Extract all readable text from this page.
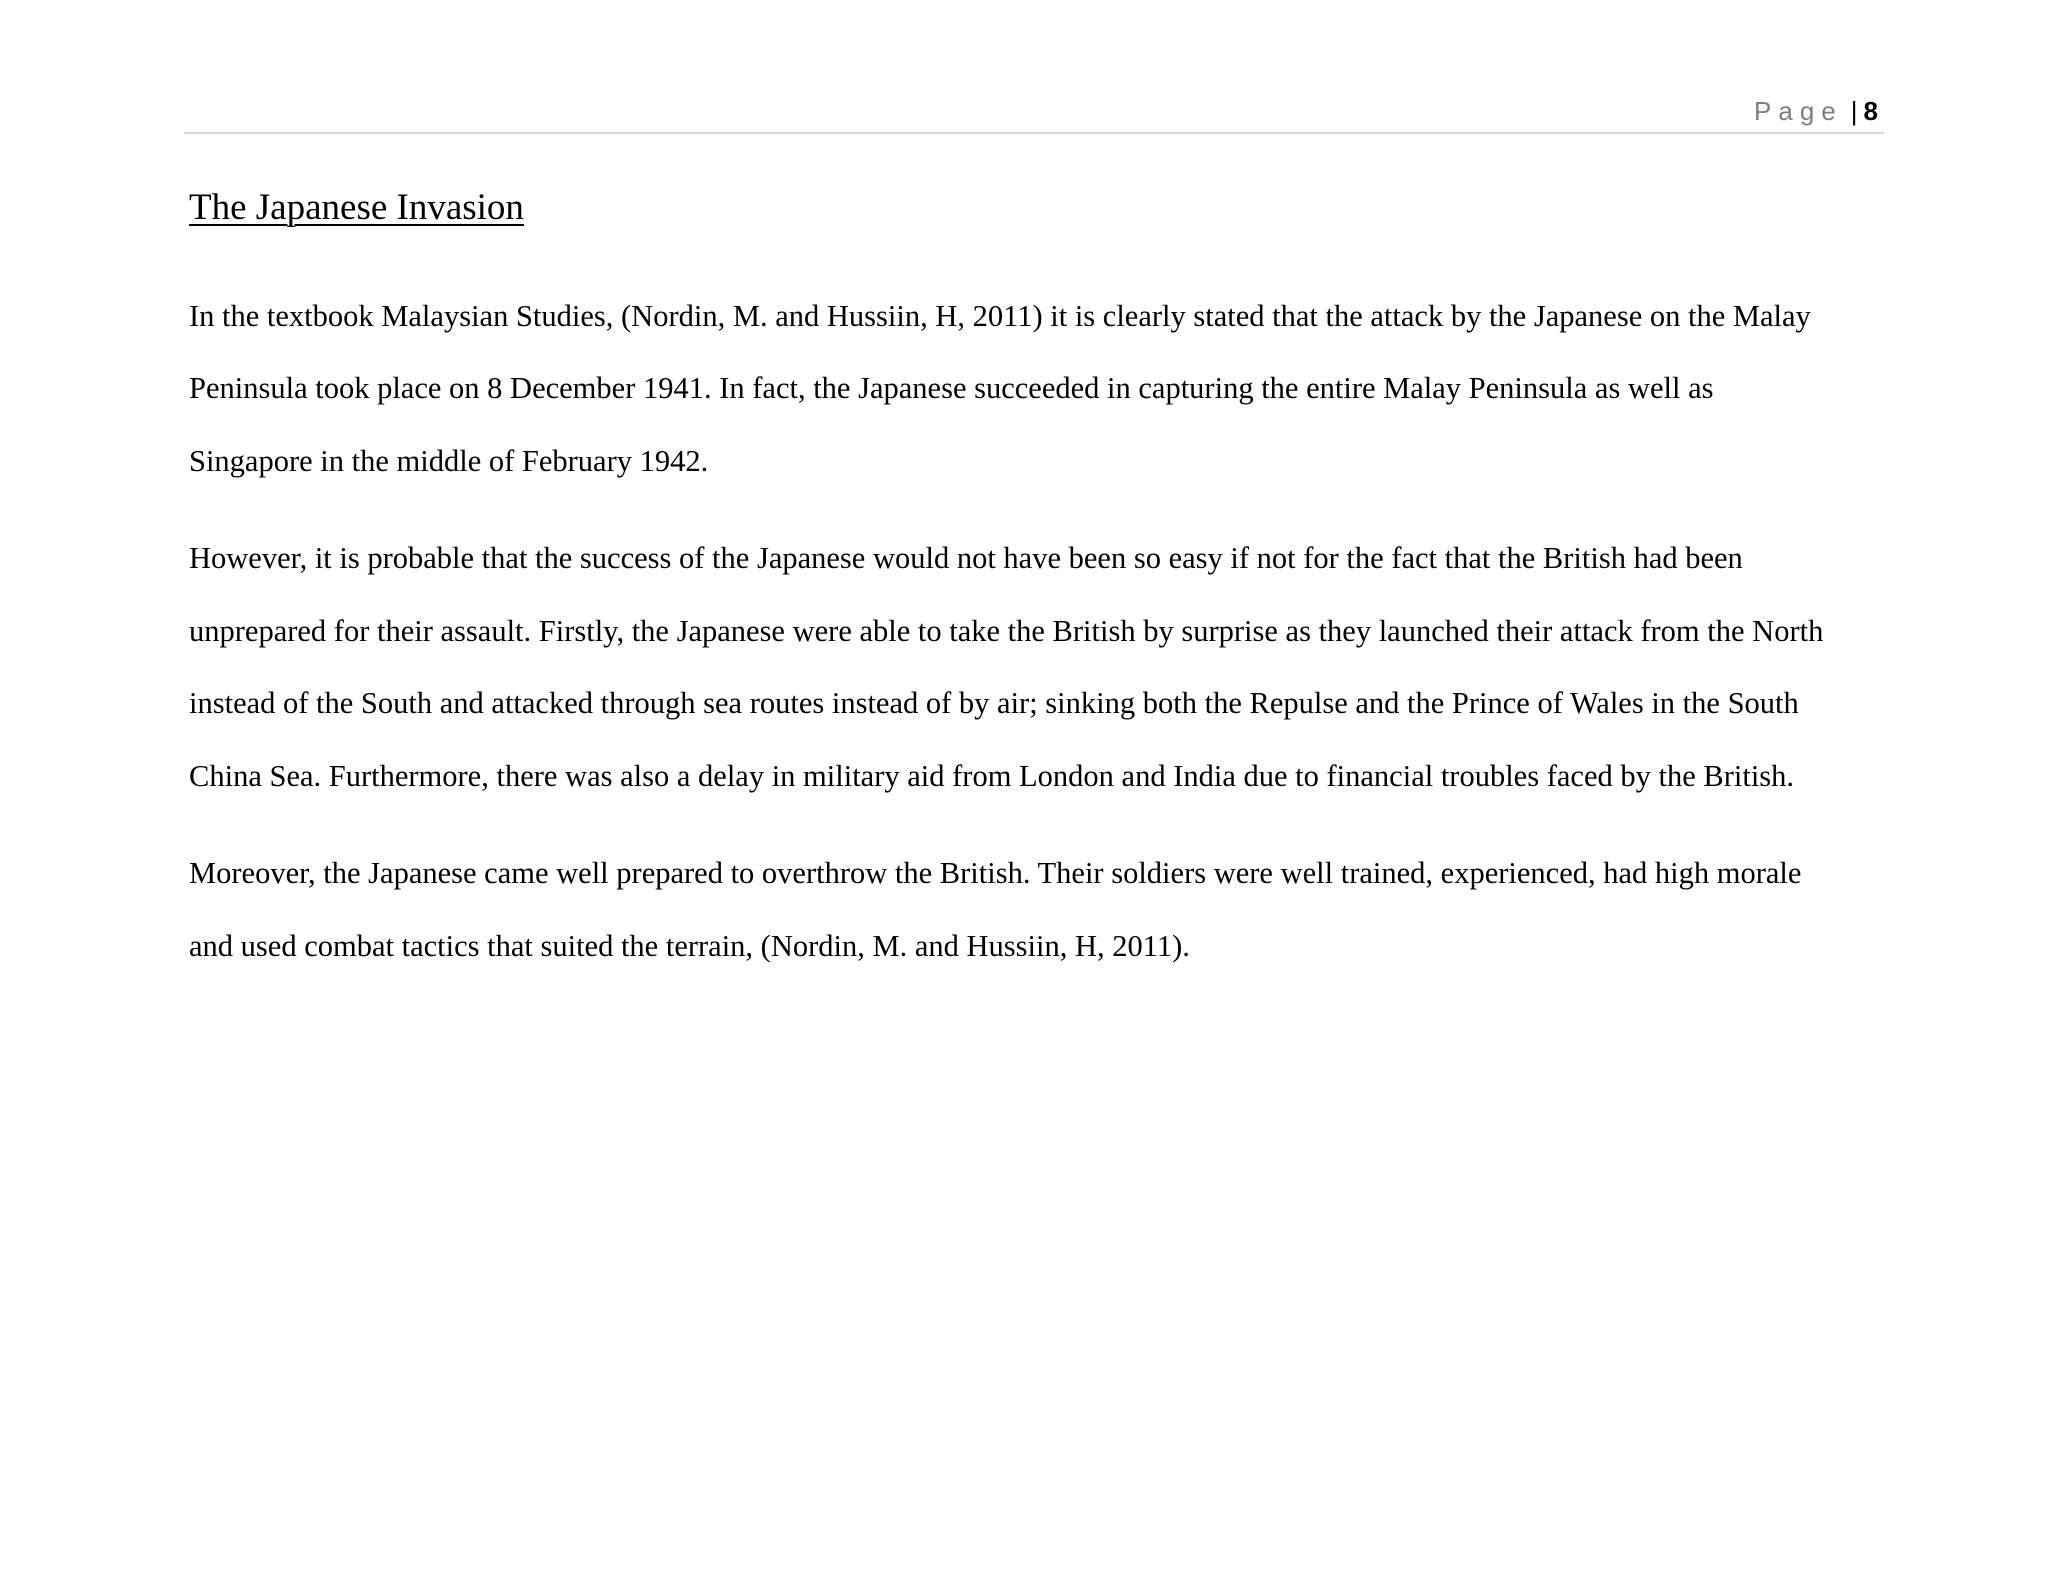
Page | 8
The Japanese Invasion

In the textbook Malaysian Studies, (Nordin, M. and Hussiin, H, 2011) it is clearly stated that the attack by the Japanese on the Malay

Peninsula took place on 8 December 1941. In fact, the Japanese succeeded in capturing the entire Malay Peninsula as well as

Singapore in the middle of February 1942.

However, it is probable that the success of the Japanese would not have been so easy if not for the fact that the British had been

unprepared for their assault. Firstly, the Japanese were able to take the British by surprise as they launched their attack from the North

instead of the South and attacked through sea routes instead of by air; sinking both the Repulse and the Prince of Wales in the South

China Sea. Furthermore, there was also a delay in military aid from London and India due to financial troubles faced by the British.

Moreover, the Japanese came well prepared to overthrow the British. Their soldiers were well trained, experienced, had high morale

and used combat tactics that suited the terrain, (Nordin, M. and Hussiin, H, 2011).
